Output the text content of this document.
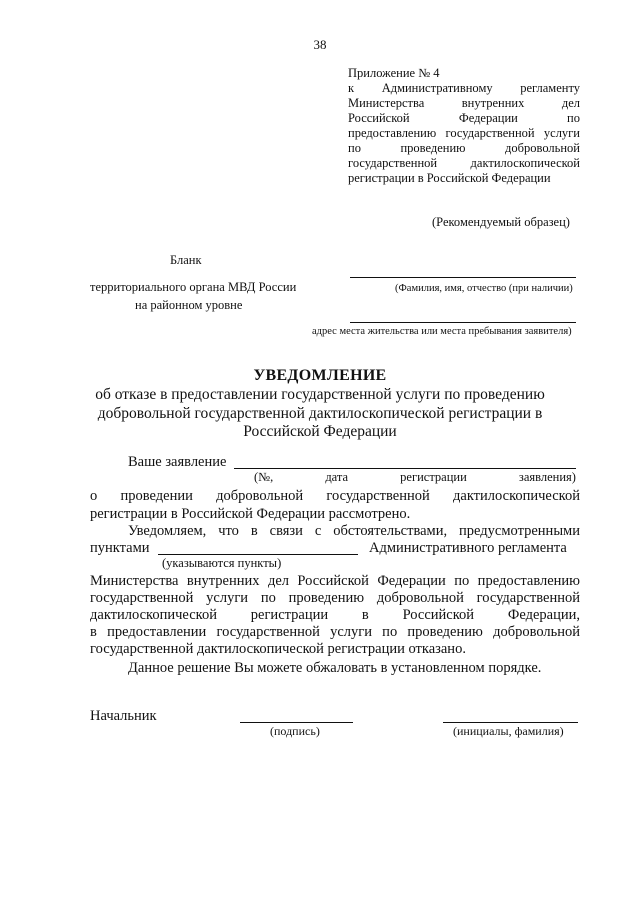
38
Приложение № 4
к Административному регламенту
Министерства внутренних дел
Российской Федерации по
предоставлению государственной услуги
по проведению добровольной
государственной дактилоскопической
регистрации в Российской Федерации
(Рекомендуемый образец)
Бланк
территориального органа МВД России
на районном уровне
(Фамилия, имя, отчество (при наличии)
адрес места жительства или места пребывания заявителя)
УВЕДОМЛЕНИЕ
об отказе в предоставлении государственной услуги по проведению
добровольной государственной дактилоскопической регистрации в
Российской Федерации
Ваше заявление
(№,	дата	регистрации	заявления)
о проведении добровольной государственной дактилоскопической
регистрации в Российской Федерации рассмотрено.
Уведомляем, что в связи с обстоятельствами, предусмотренными
пунктами	Административного регламента
(указываются пункты)
Министерства внутренних дел Российской Федерации по предоставлению
государственной услуги по проведению добровольной государственной
дактилоскопической регистрации в Российской Федерации,
в предоставлении государственной услуги по проведению добровольной
государственной дактилоскопической регистрации отказано.
Данное решение Вы можете обжаловать в установленном порядке.
Начальник
(подпись)	(инициалы, фамилия)
